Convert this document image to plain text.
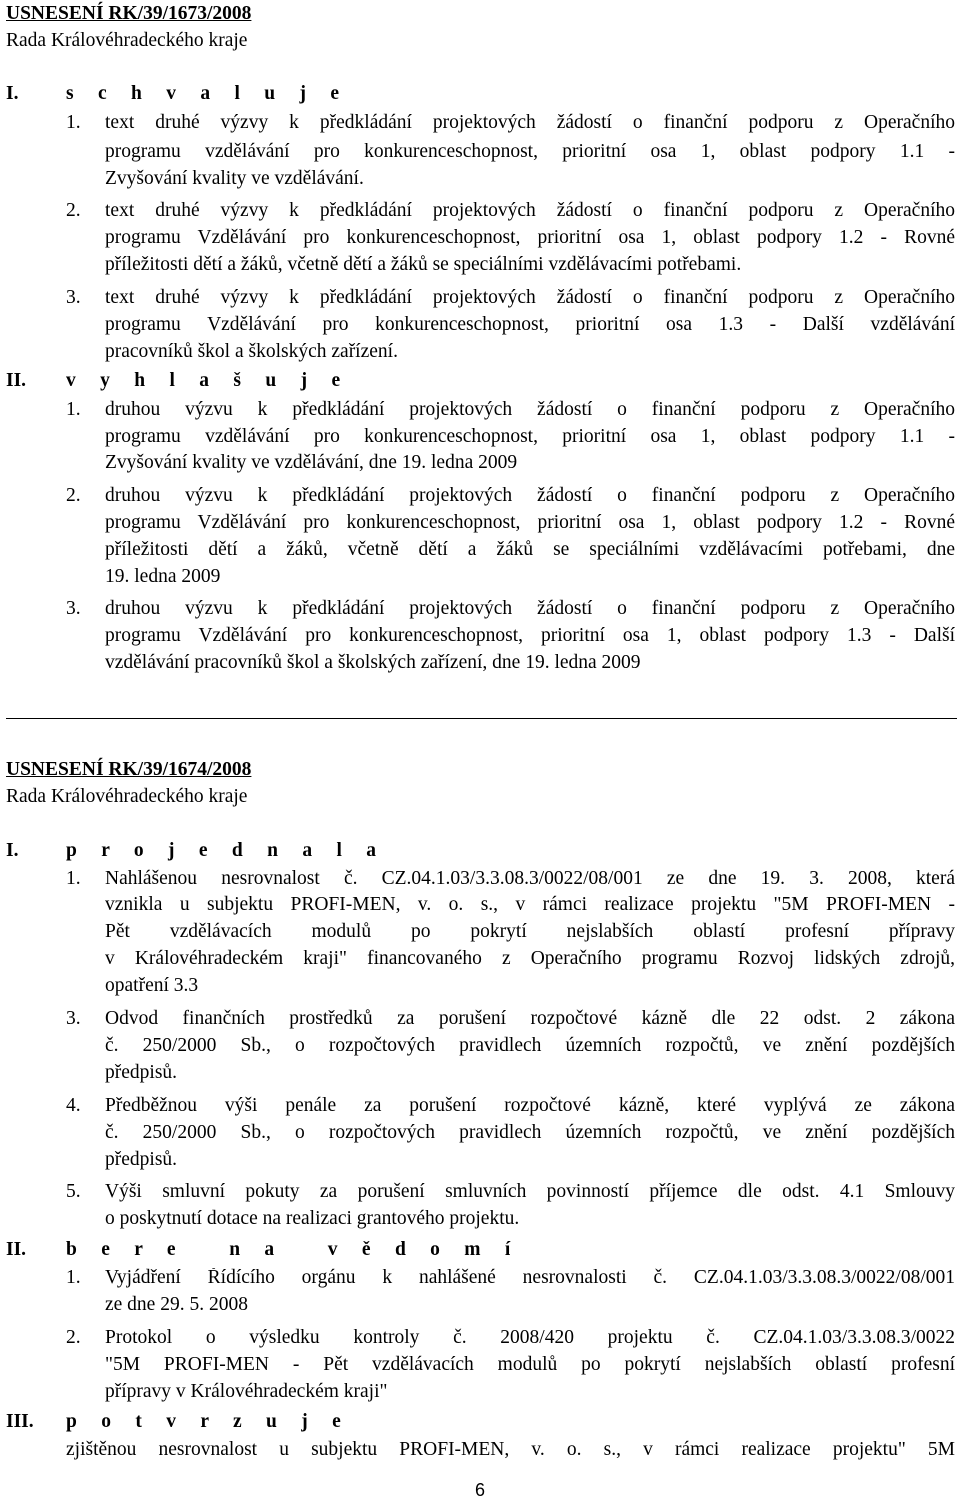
USNESENÍ RK/39/1673/2008
Rada Královéhradeckého kraje
I. s c h v a l u j e
1. text druhé výzvy k předkládání projektových žádostí o finanční podporu z Operačního
programu vzdělávání pro konkurenceschopnost, prioritní osa 1, oblast podpory 1.1 -
Zvyšování kvality ve vzdělávání.
2. text druhé výzvy k předkládání projektových žádostí o finanční podporu z Operačního
programu Vzdělávání pro konkurenceschopnost, prioritní osa 1, oblast podpory 1.2 - Rovné
příležitosti dětí a žáků, včetně dětí a žáků se speciálními vzdělávacími potřebami.
3. text druhé výzvy k předkládání projektových žádostí o finanční podporu z Operačního
programu Vzdělávání pro konkurenceschopnost, prioritní osa 1.3 - Další vzdělávání
pracovníků škol a školských zařízení.
II. v y h l a š u j e
1. druhou výzvu k předkládání projektových žádostí o finanční podporu z Operačního
programu vzdělávání pro konkurenceschopnost, prioritní osa 1, oblast podpory 1.1 -
Zvyšování kvality ve vzdělávání, dne 19. ledna 2009
2. druhou výzvu k předkládání projektových žádostí o finanční podporu z Operačního
programu Vzdělávání pro konkurenceschopnost, prioritní osa 1, oblast podpory 1.2 - Rovné
příležitosti dětí a žáků, včetně dětí a žáků se speciálními vzdělávacími potřebami, dne
19. ledna 2009
3. druhou výzvu k předkládání projektových žádostí o finanční podporu z Operačního
programu Vzdělávání pro konkurenceschopnost, prioritní osa 1, oblast podpory 1.3 - Další
vzdělávání pracovníků škol a školských zařízení, dne 19. ledna 2009
USNESENÍ RK/39/1674/2008
Rada Královéhradeckého kraje
I. p r o j e d n a l a
1. Nahlášenou nesrovnalost č. CZ.04.1.03/3.3.08.3/0022/08/001 ze dne 19. 3. 2008, která
vznikla u subjektu PROFI-MEN, v. o. s., v rámci realizace projektu "5M PROFI-MEN -
Pět vzdělávacích modulů po pokrytí nejslabších oblastí profesní přípravy
v Královéhradeckém kraji" financovaného z Operačního programu Rozvoj lidských zdrojů,
opatření 3.3
3. Odvod finančních prostředků za porušení rozpočtové kázně dle 22 odst. 2 zákona
č. 250/2000 Sb., o rozpočtových pravidlech územních rozpočtů, ve znění pozdějších
předpisů.
4. Předběžnou výši penále za porušení rozpočtové kázně, které vyplývá ze zákona
č. 250/2000 Sb., o rozpočtových pravidlech územních rozpočtů, ve znění pozdějších
předpisů.
5. Výši smluvní pokuty za porušení smluvních povinností příjemce dle odst. 4.1 Smlouvy
o poskytnutí dotace na realizaci grantového projektu.
II. b e r e   n a   v ě d o m í
1. Vyjádření Řídícího orgánu k nahlášené nesrovnalosti č. CZ.04.1.03/3.3.08.3/0022/08/001
ze dne 29. 5. 2008
2. Protokol o výsledku kontroly č. 2008/420 projektu č. CZ.04.1.03/3.3.08.3/0022
"5M PROFI-MEN - Pět vzdělávacích modulů po pokrytí nejslabších oblastí profesní
přípravy v Královéhradeckém kraji"
III. p o t v r z u j e
zjištěnou nesrovnalost u subjektu PROFI-MEN, v. o. s., v rámci realizace projektu" 5M
6
